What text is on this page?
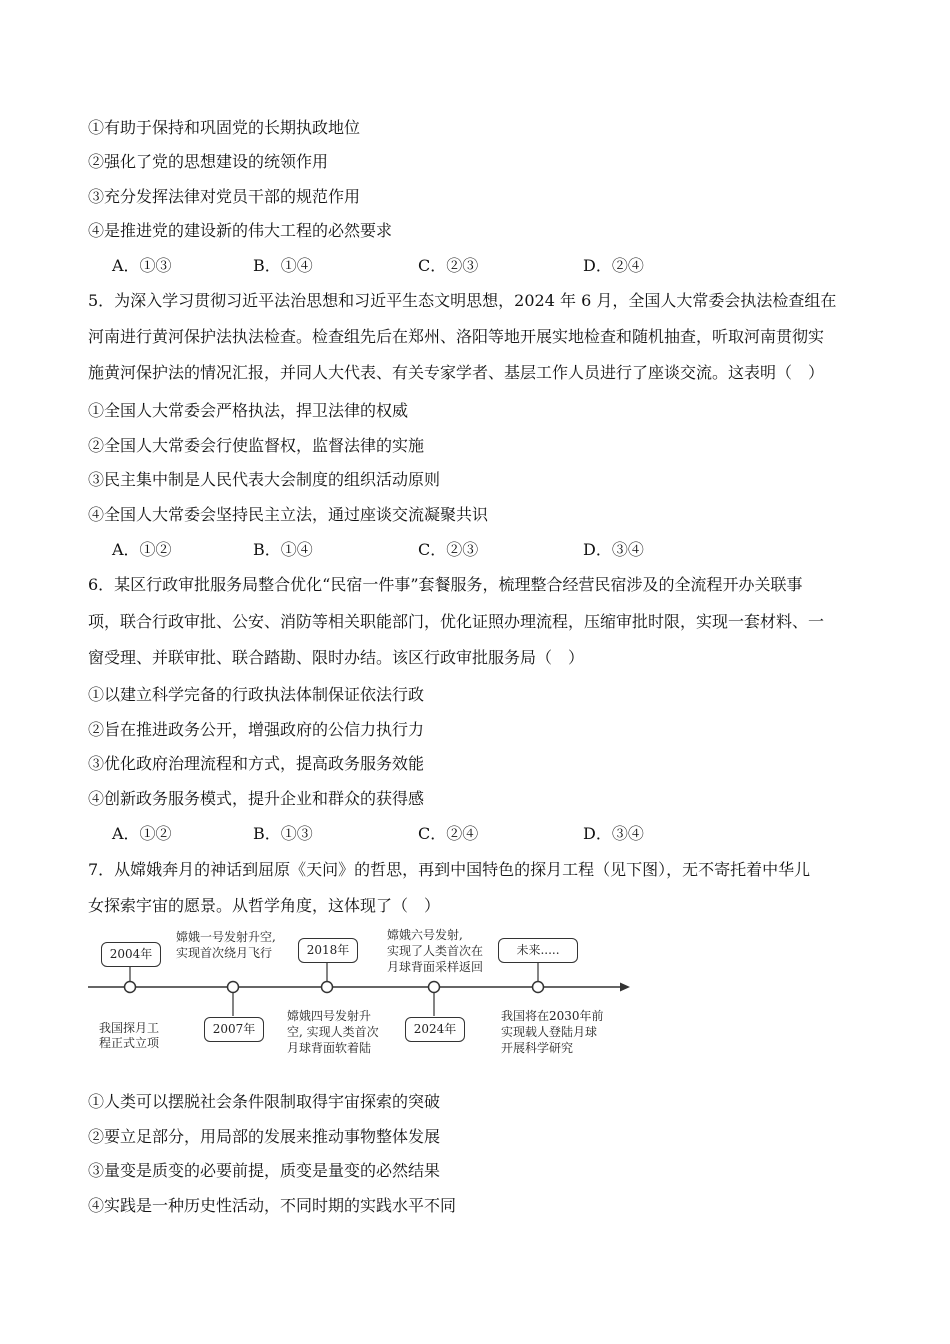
①有助于保持和巩固党的长期执政地位
②强化了党的思想建设的统领作用
③充分发挥法律对党员干部的规范作用
④是推进党的建设新的伟大工程的必然要求
A．①③	B．①④	C．②③	D．②④
5．为深入学习贯彻习近平法治思想和习近平生态文明思想，2024 年 6 月，全国人大常委会执法检查组在
河南进行黄河保护法执法检查。检查组先后在郑州、洛阳等地开展实地检查和随机抽查，听取河南贯彻实
施黄河保护法的情况汇报，并同人大代表、有关专家学者、基层工作人员进行了座谈交流。这表明（　）
①全国人大常委会严格执法，捍卫法律的权威
②全国人大常委会行使监督权，监督法律的实施
③民主集中制是人民代表大会制度的组织活动原则
④全国人大常委会坚持民主立法，通过座谈交流凝聚共识
A．①②	B．①④	C．②③	D．③④
6．某区行政审批服务局整合优化“民宿一件事”套餐服务，梳理整合经营民宿涉及的全流程开办关联事
项，联合行政审批、公安、消防等相关职能部门，优化证照办理流程，压缩审批时限，实现一套材料、一
窗受理、并联审批、联合踏勘、限时办结。该区行政审批服务局（　）
①以建立科学完备的行政执法体制保证依法行政
②旨在推进政务公开，增强政府的公信力执行力
③优化政府治理流程和方式，提高政务服务效能
④创新政务服务模式，提升企业和群众的获得感
A．①②	B．①③	C．②④	D．③④
7．从嫦娥奔月的神话到屈原《天问》的哲思，再到中国特色的探月工程（见下图），无不寄托着中华儿
女探索宇宙的愿景。从哲学角度，这体现了（　）
2004年
2007年
2018年
2024年
未来.....
我国探月工
程正式立项
嫦娥一号发射升空,
实现首次绕月飞行
嫦娥四号发射升
空, 实现人类首次
月球背面软着陆
嫦娥六号发射,
实现了人类首次在
月球背面采样返回
我国将在2030年前
实现载人登陆月球
开展科学研究
①人类可以摆脱社会条件限制取得宇宙探索的突破
②要立足部分，用局部的发展来推动事物整体发展
③量变是质变的必要前提，质变是量变的必然结果
④实践是一种历史性活动，不同时期的实践水平不同
